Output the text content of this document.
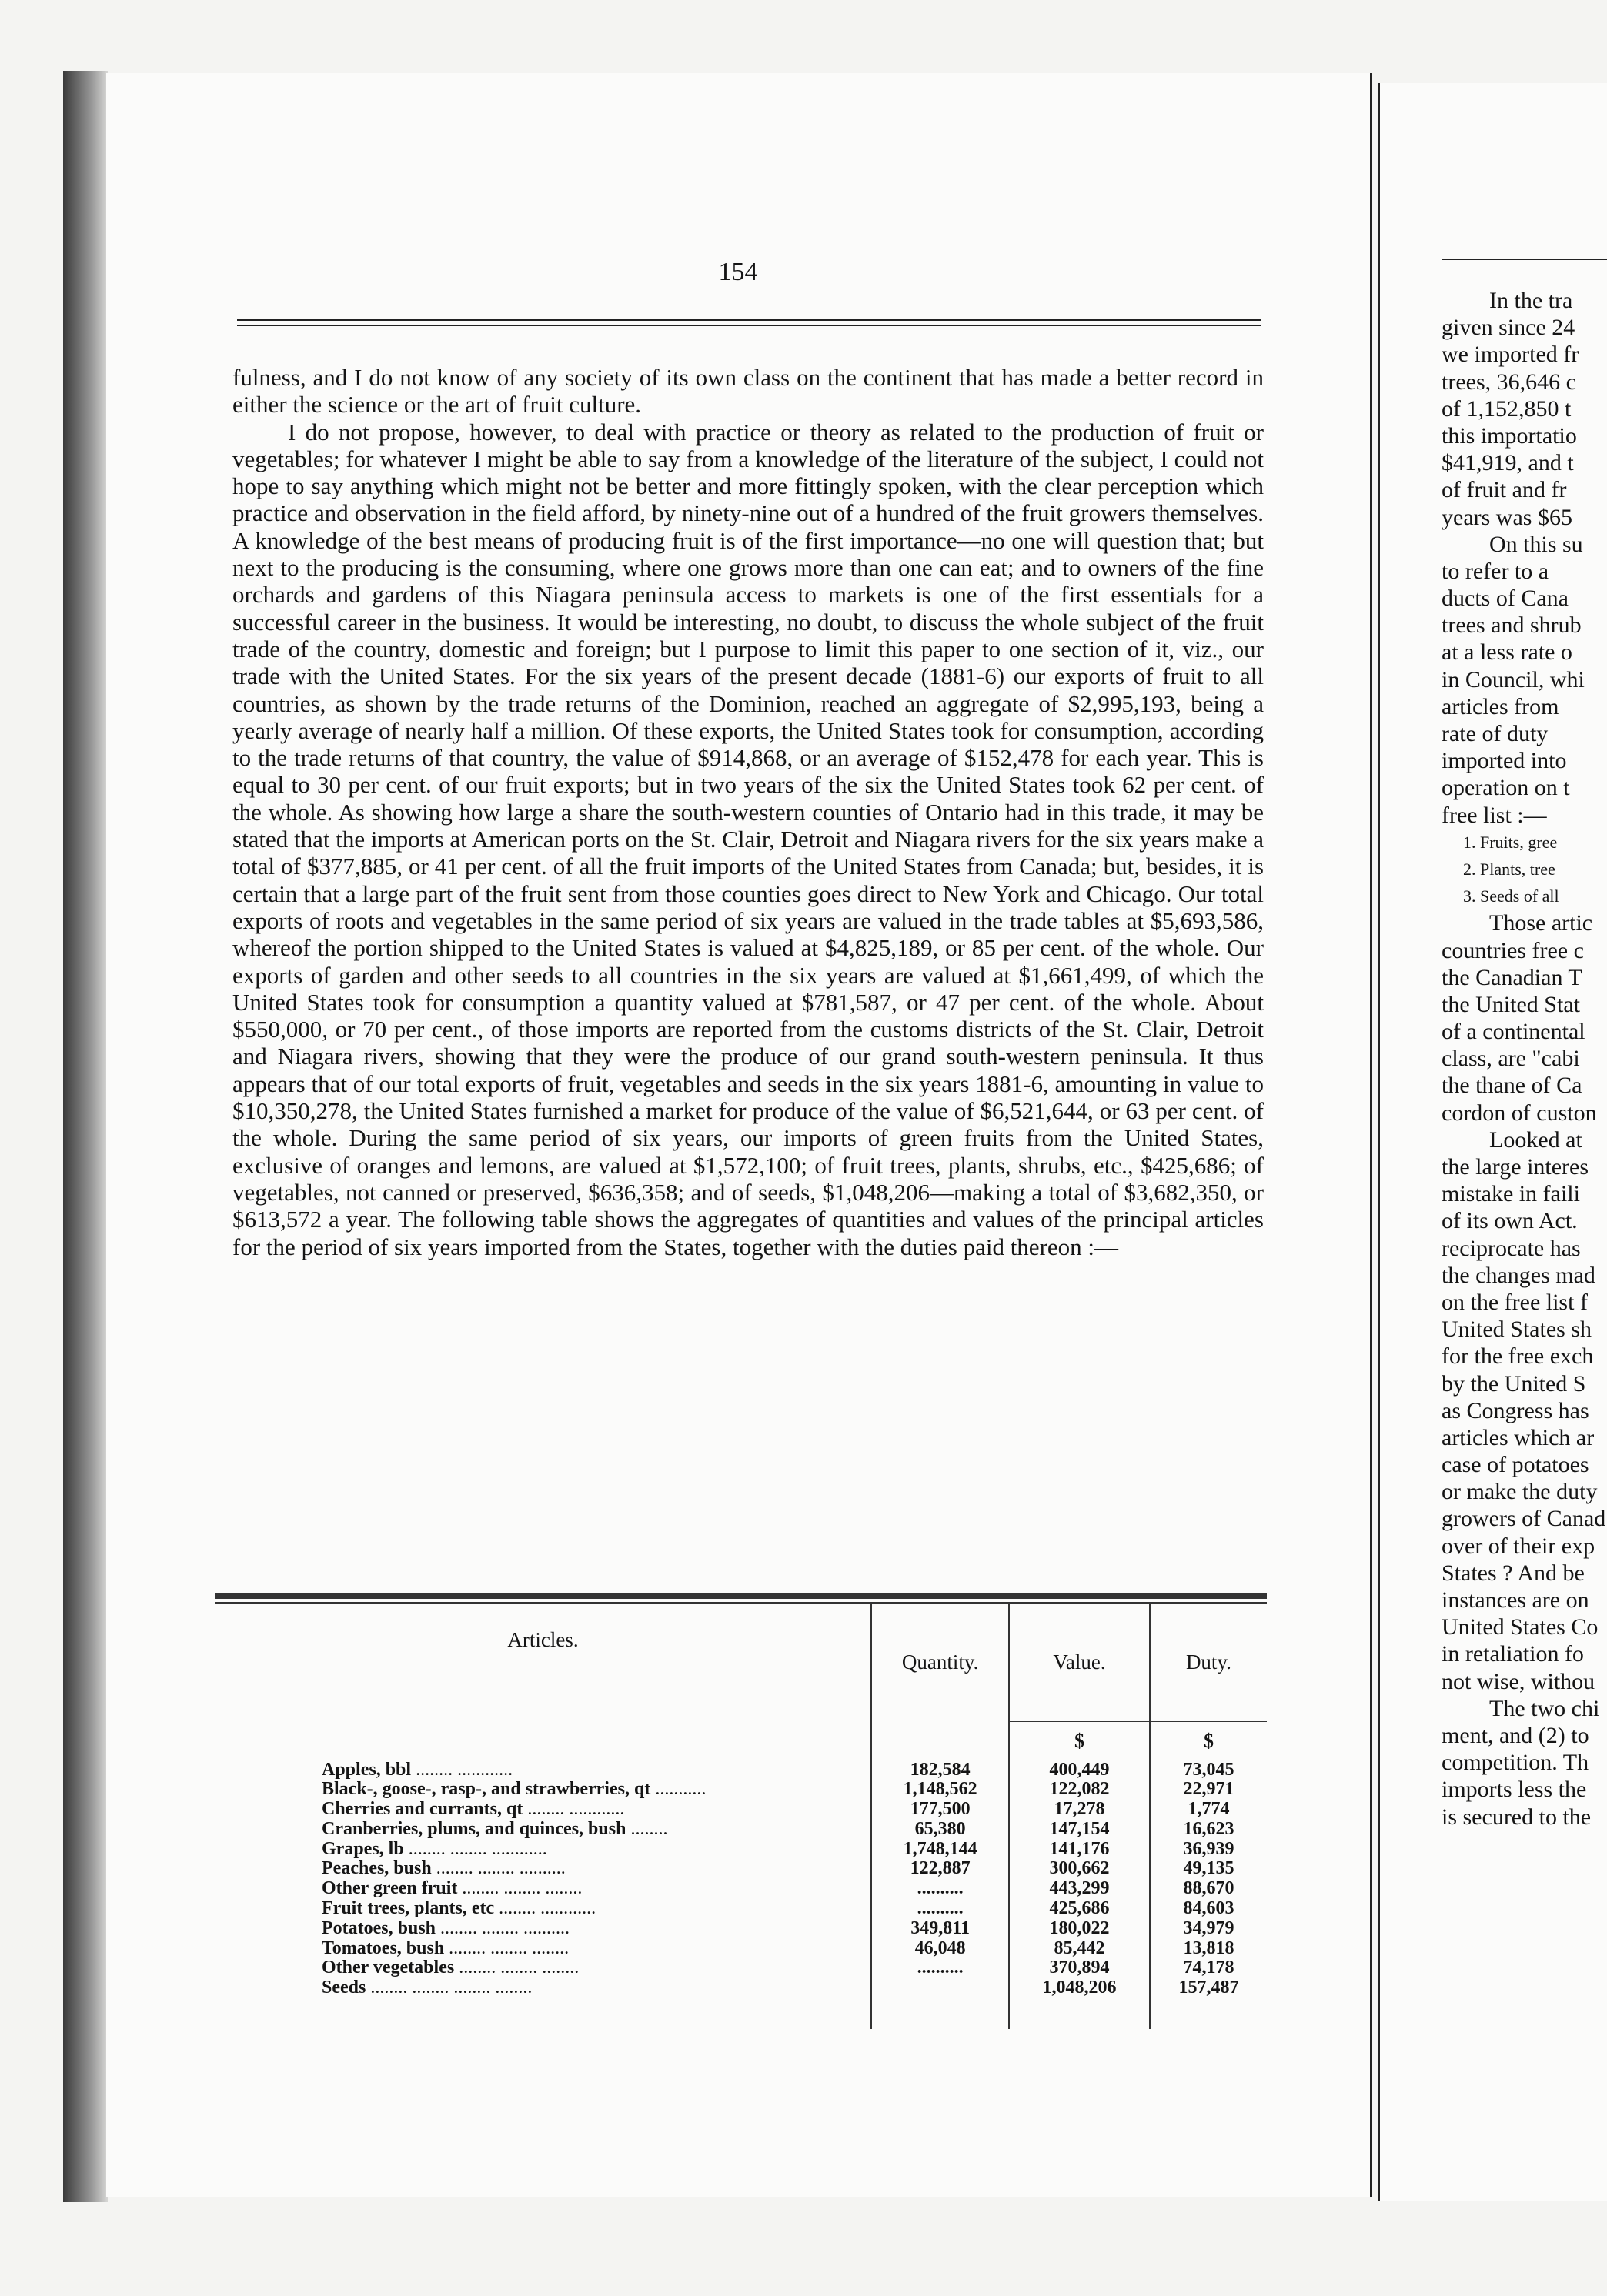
154

fulness, and I do not know of any society of its own class on the continent that has made a better record in either the science or the art of fruit culture.

I do not propose, however, to deal with practice or theory as related to the production of fruit or vegetables; for whatever I might be able to say from a knowledge of the literature of the subject, I could not hope to say anything which might not be better and more fittingly spoken, with the clear perception which practice and observation in the field afford, by ninety-nine out of a hundred of the fruit growers themselves. A knowledge of the best means of producing fruit is of the first importance—no one will question that; but next to the producing is the consuming, where one grows more than one can eat; and to owners of the fine orchards and gardens of this Niagara peninsula access to markets is one of the first essentials for a successful career in the business. It would be interesting, no doubt, to discuss the whole subject of the fruit trade of the country, domestic and foreign; but I purpose to limit this paper to one section of it, viz., our trade with the United States. For the six years of the present decade (1881-6) our exports of fruit to all countries, as shown by the trade returns of the Dominion, reached an aggregate of $2,995,193, being a yearly average of nearly half a million. Of these exports, the United States took for consumption, according to the trade returns of that country, the value of $914,868, or an average of $152,478 for each year. This is equal to 30 per cent. of our fruit exports; but in two years of the six the United States took 62 per cent. of the whole. As showing how large a share the south-western counties of Ontario had in this trade, it may be stated that the imports at American ports on the St. Clair, Detroit and Niagara rivers for the six years make a total of $377,885, or 41 per cent. of all the fruit imports of the United States from Canada; but, besides, it is certain that a large part of the fruit sent from those counties goes direct to New York and Chicago. Our total exports of roots and vegetables in the same period of six years are valued in the trade tables at $5,693,586, whereof the portion shipped to the United States is valued at $4,825,189, or 85 per cent. of the whole. Our exports of garden and other seeds to all countries in the six years are valued at $1,661,499, of which the United States took for consumption a quantity valued at $781,587, or 47 per cent. of the whole. About $550,000, or 70 per cent., of those imports are reported from the customs districts of the St. Clair, Detroit and Niagara rivers, showing that they were the produce of our grand south-western peninsula. It thus appears that of our total exports of fruit, vegetables and seeds in the six years 1881-6, amounting in value to $10,350,278, the United States furnished a market for produce of the value of $6,521,644, or 63 per cent. of the whole. During the same period of six years, our imports of green fruits from the United States, exclusive of oranges and lemons, are valued at $1,572,100; of fruit trees, plants, shrubs, etc., $425,686; of vegetables, not canned or preserved, $636,358; and of seeds, $1,048,206—making a total of $3,682,350, or $613,572 a year. The following table shows the aggregates of quantities and values of the principal articles for the period of six years imported from the States, together with the duties paid thereon :—

Articles.	Quantity.	Value.	Duty.
		$	$
Apples, bbl ........ ............	182,584	400,449	73,045
Black-, goose-, rasp-, and strawberries, qt ...........	1,148,562	122,082	22,971
Cherries and currants, qt ........ ............	177,500	17,278	1,774
Cranberries, plums, and quinces, bush ........	65,380	147,154	16,623
Grapes, lb ........ ........ ............	1,748,144	141,176	36,939
Peaches, bush ........ ........ ..........	122,887	300,662	49,135
Other green fruit ........ ........ ........	..........	443,299	88,670
Fruit trees, plants, etc ........ ............	..........	425,686	84,603
Potatoes, bush ........ ........ ..........	349,811	180,022	34,979
Tomatoes, bush ........ ........ ........	46,048	85,442	13,818
Other vegetables ........ ........ ........	..........	370,894	74,178
Seeds ........ ........ ........ ........		1,048,206	157,487

In the tra
given since 24
we imported fr
trees, 36,646 c
of 1,152,850 t
this importatio
$41,919, and t
of fruit and fr
years was $65
On this su
to refer to a
ducts of Cana
trees and shrub
at a less rate o
in Council, whi
articles from
rate of duty
imported into
operation on t
free list :—
1. Fruits, gree
2. Plants, tree
3. Seeds of all
Those artic
countries free c
the Canadian T
the United Stat
of a continental
class, are "cabi
the thane of Ca
cordon of custon
Looked at
the large interes
mistake in faili
of its own Act.
reciprocate has
the changes mad
on the free list f
United States sh
for the free exch
by the United S
as Congress has
articles which ar
case of potatoes
or make the duty
growers of Canad
over of their exp
States ? And be
instances are on
United States Co
in retaliation fo
not wise, withou
The two chi
ment, and (2) to
competition. Th
imports less the
is secured to the
